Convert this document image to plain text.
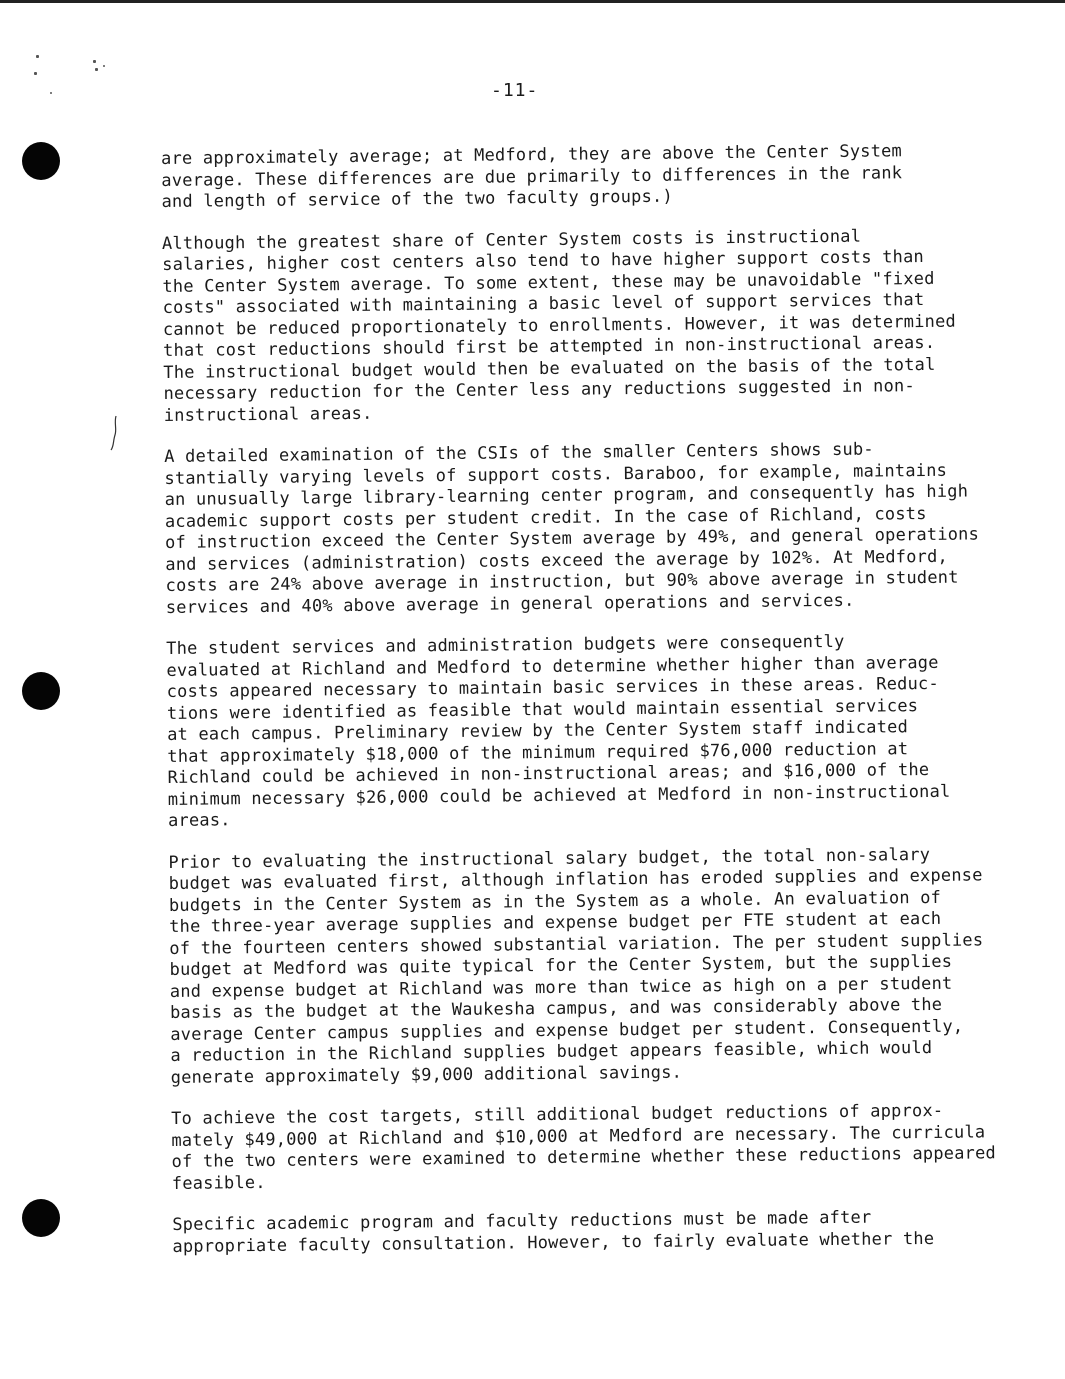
-11-

are approximately average; at Medford, they are above the Center System
average. These differences are due primarily to differences in the rank
and length of service of the two faculty groups.)

Although the greatest share of Center System costs is instructional
salaries, higher cost centers also tend to have higher support costs than
the Center System average. To some extent, these may be unavoidable "fixed
costs" associated with maintaining a basic level of support services that
cannot be reduced proportionately to enrollments. However, it was determined
that cost reductions should first be attempted in non-instructional areas.
The instructional budget would then be evaluated on the basis of the total
necessary reduction for the Center less any reductions suggested in non-
instructional areas.

A detailed examination of the CSIs of the smaller Centers shows sub-
stantially varying levels of support costs. Baraboo, for example, maintains
an unusually large library-learning center program, and consequently has high
academic support costs per student credit. In the case of Richland, costs
of instruction exceed the Center System average by 49%, and general operations
and services (administration) costs exceed the average by 102%. At Medford,
costs are 24% above average in instruction, but 90% above average in student
services and 40% above average in general operations and services.

The student services and administration budgets were consequently
evaluated at Richland and Medford to determine whether higher than average
costs appeared necessary to maintain basic services in these areas. Reduc-
tions were identified as feasible that would maintain essential services
at each campus. Preliminary review by the Center System staff indicated
that approximately $18,000 of the minimum required $76,000 reduction at
Richland could be achieved in non-instructional areas; and $16,000 of the
minimum necessary $26,000 could be achieved at Medford in non-instructional
areas.

Prior to evaluating the instructional salary budget, the total non-salary
budget was evaluated first, although inflation has eroded supplies and expense
budgets in the Center System as in the System as a whole. An evaluation of
the three-year average supplies and expense budget per FTE student at each
of the fourteen centers showed substantial variation. The per student supplies
budget at Medford was quite typical for the Center System, but the supplies
and expense budget at Richland was more than twice as high on a per student
basis as the budget at the Waukesha campus, and was considerably above the
average Center campus supplies and expense budget per student. Consequently,
a reduction in the Richland supplies budget appears feasible, which would
generate approximately $9,000 additional savings.

To achieve the cost targets, still additional budget reductions of approx-
mately $49,000 at Richland and $10,000 at Medford are necessary. The curricula
of the two centers were examined to determine whether these reductions appeared
feasible.

Specific academic program and faculty reductions must be made after
appropriate faculty consultation. However, to fairly evaluate whether the
